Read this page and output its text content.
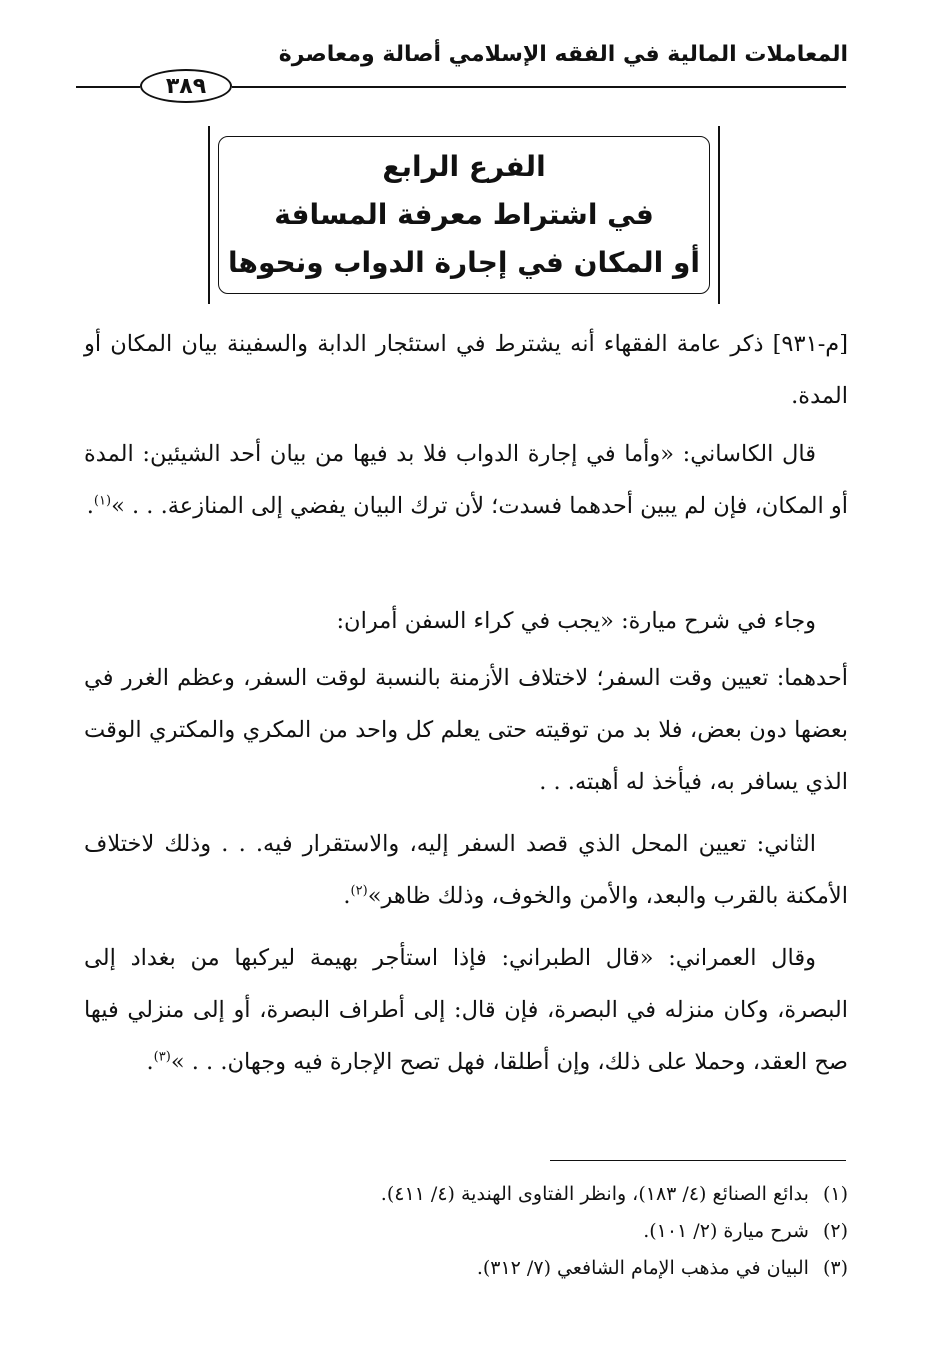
المعاملات المالية في الفقه الإسلامي أصالة ومعاصرة
٣٨٩
الفرع الرابع
في اشتراط معرفة المسافة
أو المكان في إجارة الدواب ونحوها
[م-٩٣١] ذكر عامة الفقهاء أنه يشترط في استئجار الدابة والسفينة بيان المكان أو المدة.
قال الكاساني: «وأما في إجارة الدواب فلا بد فيها من بيان أحد الشيئين: المدة أو المكان، فإن لم يبين أحدهما فسدت؛ لأن ترك البيان يفضي إلى المنازعة. . . »$^{(١)}$.
وجاء في شرح ميارة: «يجب في كراء السفن أمران:
أحدهما: تعيين وقت السفر؛ لاختلاف الأزمنة بالنسبة لوقت السفر، وعظم الغرر في بعضها دون بعض، فلا بد من توقيته حتى يعلم كل واحد من المكري والمكتري الوقت الذي يسافر به، فيأخذ له أهبته. . .
الثاني: تعيين المحل الذي قصد السفر إليه، والاستقرار فيه. . . وذلك لاختلاف الأمكنة بالقرب والبعد، والأمن والخوف، وذلك ظاهر»$^{(٢)}$.
وقال العمراني: «قال الطبراني: فإذا استأجر بهيمة ليركبها من بغداد إلى البصرة، وكان منزله في البصرة، فإن قال: إلى أطراف البصرة، أو إلى منزلي فيها صح العقد، وحملا على ذلك، وإن أطلقا، فهل تصح الإجارة فيه وجهان. . . »$^{(٣)}$.
(١)بدائع الصنائع (٤/ ١٨٣)، وانظر الفتاوى الهندية (٤/ ٤١١).
(٢)شرح ميارة (٢/ ١٠١).
(٣)البيان في مذهب الإمام الشافعي (٧/ ٣١٢).
